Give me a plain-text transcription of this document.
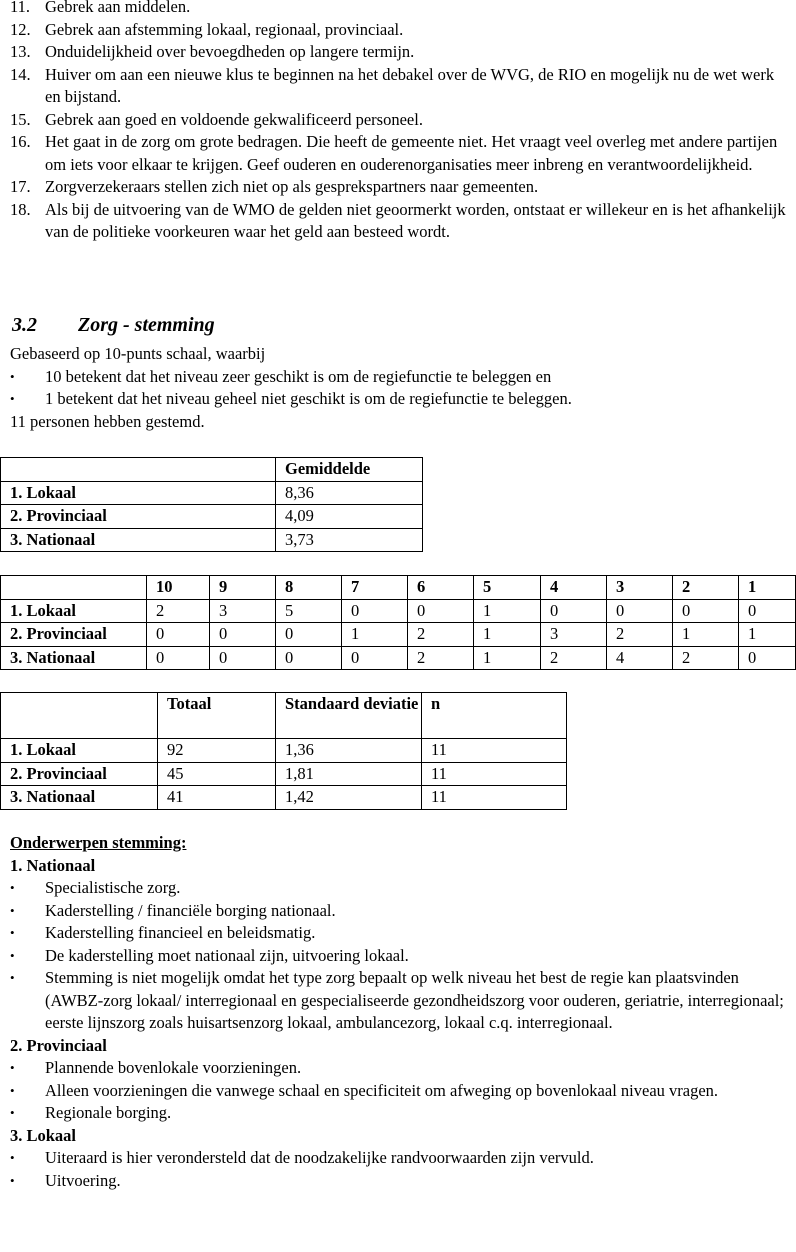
11. Gebrek aan middelen.
12. Gebrek aan afstemming lokaal, regionaal, provinciaal.
13. Onduidelijkheid over bevoegdheden op langere termijn.
14. Huiver om aan een nieuwe klus te beginnen na het debakel over de WVG, de RIO en mogelijk nu de wet werk en bijstand.
15. Gebrek aan goed en voldoende gekwalificeerd personeel.
16. Het gaat in de zorg om grote bedragen. Die heeft de gemeente niet. Het vraagt veel overleg met andere partijen om iets voor elkaar te krijgen. Geef ouderen en ouderenorganisaties meer inbreng en verantwoordelijkheid.
17. Zorgverzekeraars stellen zich niet op als gesprekspartners naar gemeenten.
18. Als bij de uitvoering van de WMO de gelden niet geoormerkt worden, ontstaat er willekeur en is het afhankelijk van de politieke voorkeuren waar het geld aan besteed wordt.
3.2 Zorg - stemming
Gebaseerd op 10-punts schaal, waarbij
•	10 betekent dat het niveau zeer geschikt is om de regiefunctie te beleggen en
•	1 betekent dat het niveau geheel niet geschikt is om de regiefunctie te beleggen.
11 personen hebben gestemd.
	Gemiddelde
1. Lokaal	8,36
2. Provinciaal	4,09
3. Nationaal	3,73
	10	9	8	7	6	5	4	3	2	1
1. Lokaal	2	3	5	0	0	1	0	0	0	0
2. Provinciaal	0	0	0	1	2	1	3	2	1	1
3. Nationaal	0	0	0	0	2	1	2	4	2	0
	Totaal	Standaard deviatie	n
1. Lokaal	92	1,36	11
2. Provinciaal	45	1,81	11
3. Nationaal	41	1,42	11
Onderwerpen stemming:
1. Nationaal
•	Specialistische zorg.
•	Kaderstelling / financiële borging nationaal.
•	Kaderstelling financieel en beleidsmatig.
•	De kaderstelling moet nationaal zijn, uitvoering lokaal.
•	Stemming is niet mogelijk omdat het type zorg bepaalt op welk niveau het best de regie kan plaatsvinden (AWBZ-zorg lokaal/ interregionaal en gespecialiseerde gezondheidszorg voor ouderen, geriatrie, interregionaal; eerste lijnszorg zoals huisartsenzorg lokaal, ambulancezorg, lokaal c.q. interregionaal.
2. Provinciaal
•	Plannende bovenlokale voorzieningen.
•	Alleen voorzieningen die vanwege schaal en specificiteit om afweging op bovenlokaal niveau vragen.
•	Regionale borging.
3. Lokaal
•	Uiteraard is hier verondersteld dat de noodzakelijke randvoorwaarden zijn vervuld.
•	Uitvoering.
